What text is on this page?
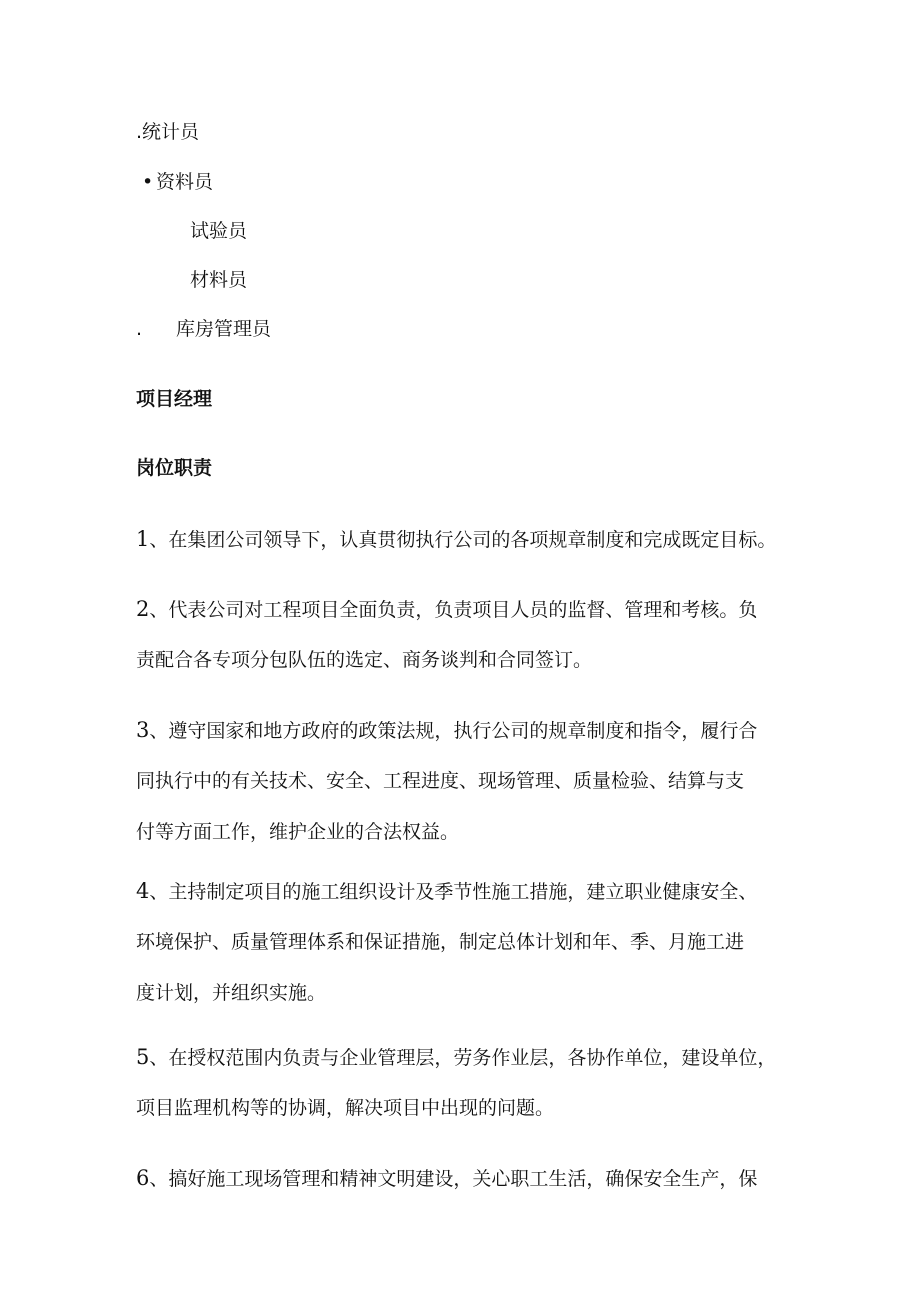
.统计员
• 资料员
试验员
材料员
. 库房管理员
项目经理
岗位职责
1、在集团公司领导下，认真贯彻执行公司的各项规章制度和完成既定目标。
2、代表公司对工程项目全面负责，负责项目人员的监督、管理和考核。负
责配合各专项分包队伍的选定、商务谈判和合同签订。
3、遵守国家和地方政府的政策法规，执行公司的规章制度和指令，履行合
同执行中的有关技术、安全、工程进度、现场管理、质量检验、结算与支
付等方面工作，维护企业的合法权益。
4、主持制定项目的施工组织设计及季节性施工措施，建立职业健康安全、
环境保护、质量管理体系和保证措施，制定总体计划和年、季、月施工进
度计划，并组织实施。
5、在授权范围内负责与企业管理层，劳务作业层，各协作单位，建设单位，
项目监理机构等的协调，解决项目中出现的问题。
6、搞好施工现场管理和精神文明建设，关心职工生活，确保安全生产，保
